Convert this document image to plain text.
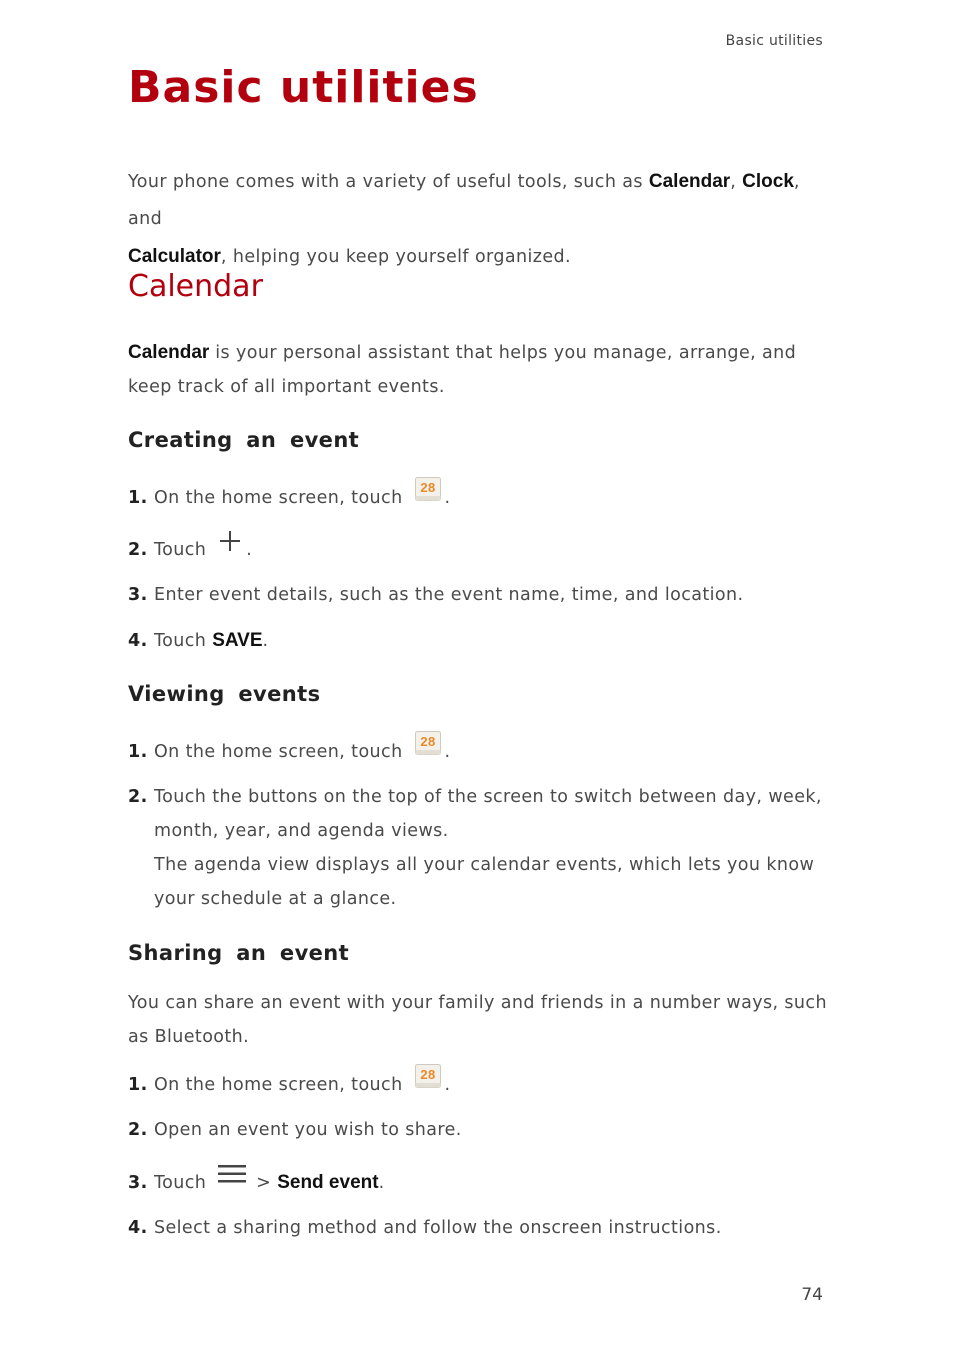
Basic utilities
Basic utilities
Your phone comes with a variety of useful tools, such as Calendar, Clock, and
Calculator, helping you keep yourself organized.
Calendar
Calendar is your personal assistant that helps you manage, arrange, and keep track of all important events.
Creating an event
1. On the home screen, touch
28
.
2. Touch .
3. Enter event details, such as the event name, time, and location.
4. Touch SAVE.
Viewing events
1. On the home screen, touch
28
.
2. Touch the buttons on the top of the screen to switch between day, week, month, year, and agenda views.
The agenda view displays all your calendar events, which lets you know your schedule at a glance.
Sharing an event
You can share an event with your family and friends in a number ways, such as Bluetooth.
1. On the home screen, touch
28
.
2. Open an event you wish to share.
3. Touch	> Send event.
4. Select a sharing method and follow the onscreen instructions.
74
